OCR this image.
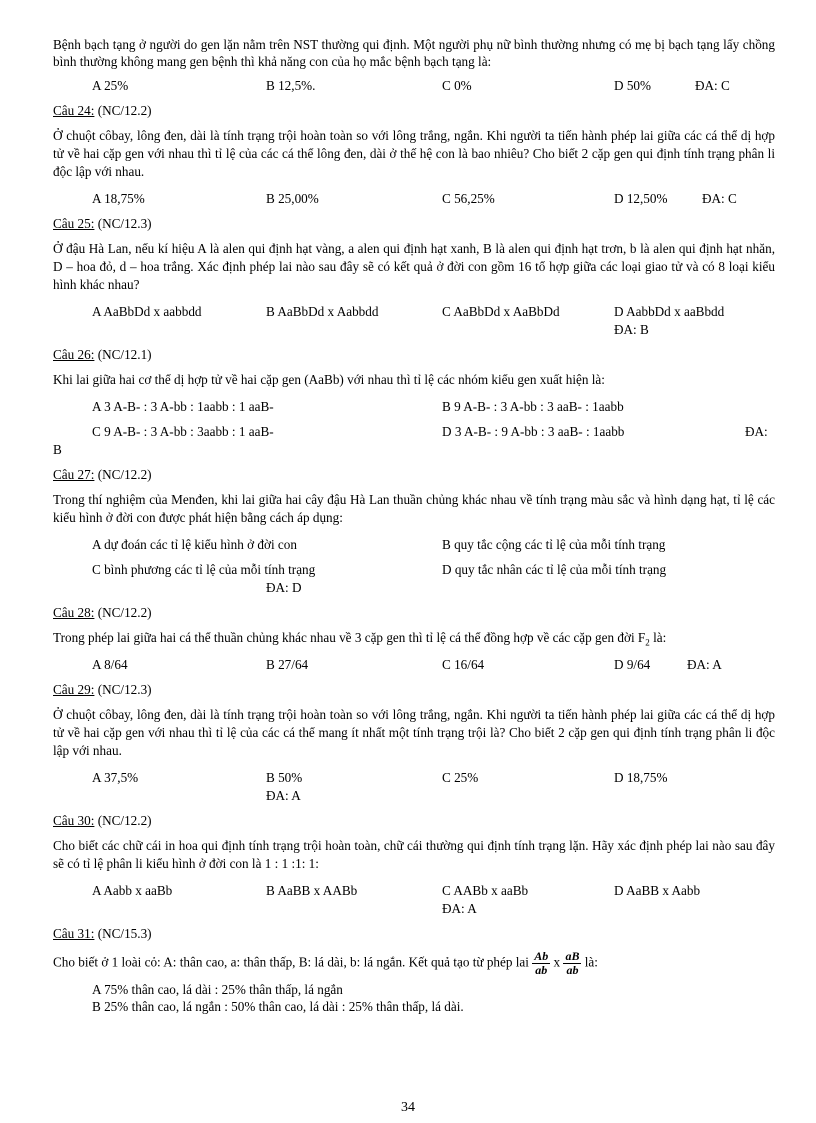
Bệnh bạch tạng ở người do gen lặn nằm trên NST thường qui định. Một người phụ nữ bình thường nhưng có mẹ bị bạch tạng lấy chồng bình thường không mang gen bệnh thì khả năng con của họ mắc bệnh bạch tạng là:

A 25%	B 12,5%.	C 0%	D 50%	ĐA: C

Câu 24: (NC/12.2)

Ở chuột côbay, lông đen, dài là tính trạng trội hoàn toàn so với lông trắng, ngắn. Khi người ta tiến hành phép lai giữa các cá thể dị hợp tử về hai cặp gen với nhau thì tỉ lệ của các cá thể lông đen, dài ở thế hệ con là bao nhiêu? Cho biết 2 cặp gen qui định tính trạng phân li độc lập với nhau.

A 18,75%	B 25,00%	C 56,25%	D 12,50%	ĐA: C

Câu 25: (NC/12.3)

Ở đậu Hà Lan, nếu kí hiệu A là alen qui định hạt vàng, a alen qui định hạt xanh, B là alen qui định hạt trơn, b là alen qui định hạt nhăn, D – hoa đỏ, d – hoa trắng. Xác định phép lai nào sau đây sẽ có kết quả ở đời con gồm 16 tổ hợp giữa các loại giao tử và có 8 loại kiểu hình khác nhau?

A AaBbDd x aabbdd	B AaBbDd x Aabbdd	C AaBbDd x AaBbDd	D AabbDd x aaBbdd

ĐA: B

Câu 26: (NC/12.1)

Khi lai giữa hai cơ thể dị hợp tử về hai cặp gen (AaBb) với nhau thì tỉ lệ các nhóm kiểu gen xuất hiện là:

A 3 A-B- : 3 A-bb : 1aabb : 1 aaB-	B 9 A-B- : 3 A-bb : 3 aaB- : 1aabb
C 9 A-B- : 3 A-bb : 3aabb : 1 aaB-	D 3 A-B- : 9 A-bb : 3 aaB- : 1aabb	ĐA:

B

Câu 27: (NC/12.2)

Trong thí nghiệm của Menđen, khi lai giữa hai cây đậu Hà Lan thuần chủng khác nhau về tính trạng màu sắc và hình dạng hạt, tỉ lệ các kiểu hình ở đời con được phát hiện bằng cách áp dụng:

A dự đoán các tỉ lệ kiểu hình ở đời con	B quy tắc cộng các tỉ lệ của mỗi tính trạng
C bình phương các tỉ lệ của mỗi tính trạng	D quy tắc nhân các tỉ lệ của mỗi tính trạng

ĐA: D

Câu 28: (NC/12.2)

Trong phép lai giữa hai cá thể thuần chủng khác nhau về 3 cặp gen thì tỉ lệ cá thể đồng hợp về các cặp gen đời $F_2$ là:

A 8/64	B 27/64	C 16/64	D 9/64	ĐA: A

Câu 29: (NC/12.3)

Ở chuột côbay, lông đen, dài là tính trạng trội hoàn toàn so với lông trắng, ngắn. Khi người ta tiến hành phép lai giữa các cá thể dị hợp tử về hai cặp gen với nhau thì tỉ lệ của các cá thể mang ít nhất một tính trạng trội là? Cho biết 2 cặp gen qui định tính trạng phân li độc lập với nhau.

A 37,5%	B 50%	C 25%	D 18,75%

ĐA: A

Câu 30: (NC/12.2)

Cho biết các chữ cái in hoa qui định tính trạng trội hoàn toàn, chữ cái thường qui định tính trạng lặn. Hãy xác định phép lai nào sau đây sẽ có tỉ lệ phân li kiểu hình ở đời con là 1 : 1 :1: 1:

A Aabb x aaBb	B AaBB x AABb	C AABb x aaBb	D AaBB x Aabb

ĐA: A

Câu 31: (NC/15.3)

Cho biết ở 1 loài cỏ: A: thân cao, a: thân thấp, B: lá dài, b: lá ngắn. Kết quả tạo từ phép lai $\frac{Ab}{ab}$ x $\frac{aB}{ab}$ là:

A 75% thân cao, lá dài : 25% thân thấp, lá ngắn

B 25% thân cao, lá ngắn : 50% thân cao, lá dài : 25% thân thấp, lá dài.

34
